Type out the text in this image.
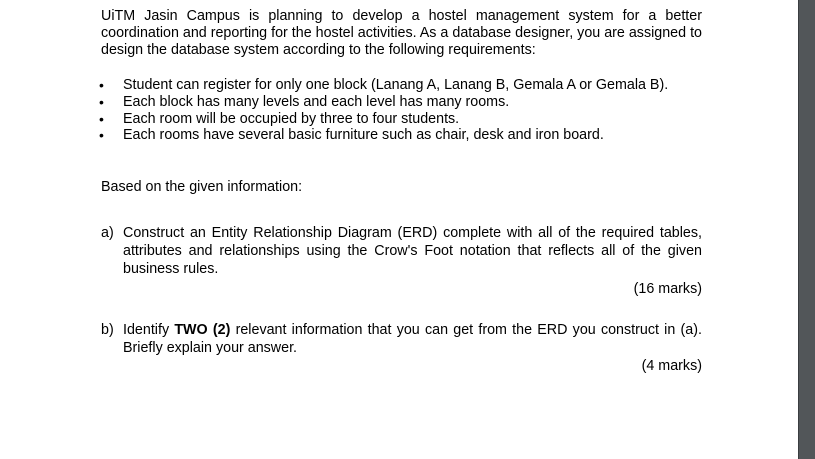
UiTM Jasin Campus is planning to develop a hostel management system for a better coordination and reporting for the hostel activities. As a database designer, you are assigned to design the database system according to the following requirements:
•	Student can register for only one block (Lanang A, Lanang B, Gemala A or Gemala B).
•	Each block has many levels and each level has many rooms.
•	Each room will be occupied by three to four students.
•	Each rooms have several basic furniture such as chair, desk and iron board.
Based on the given information:
a) Construct an Entity Relationship Diagram (ERD) complete with all of the required tables, attributes and relationships using the Crow's Foot notation that reflects all of the given business rules.
(16 marks)
b) Identify TWO (2) relevant information that you can get from the ERD you construct in (a). Briefly explain your answer.
(4 marks)
